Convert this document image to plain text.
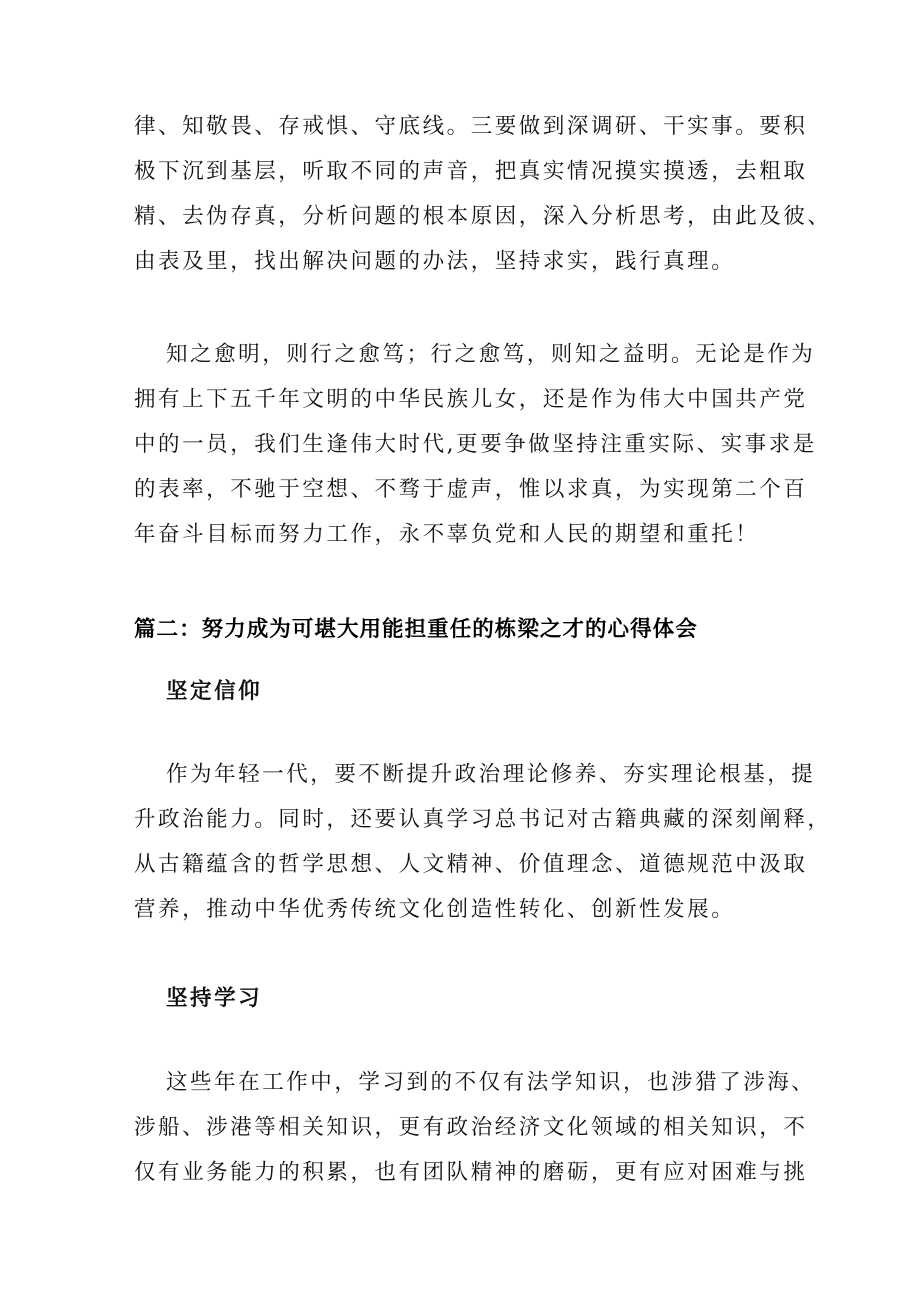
律、知敬畏、存戒惧、守底线。三要做到深调研、干实事。要积

极下沉到基层，听取不同的声音，把真实情况摸实摸透，去粗取

精、去伪存真，分析问题的根本原因，深入分析思考，由此及彼、

由表及里，找出解决问题的办法，坚持求实，践行真理。

知之愈明，则行之愈笃；行之愈笃，则知之益明。无论是作为

拥有上下五千年文明的中华民族儿女，还是作为伟大中国共产党

中的一员，我们生逢伟大时代,更要争做坚持注重实际、实事求是

的表率，不驰于空想、不骛于虚声，惟以求真，为实现第二个百

年奋斗目标而努力工作，永不辜负党和人民的期望和重托！

篇二：努力成为可堪大用能担重任的栋梁之才的心得体会
坚定信仰

作为年轻一代，要不断提升政治理论修养、夯实理论根基，提

升政治能力。同时，还要认真学习总书记对古籍典藏的深刻阐释，

从古籍蕴含的哲学思想、人文精神、价值理念、道德规范中汲取

营养，推动中华优秀传统文化创造性转化、创新性发展。

坚持学习

这些年在工作中，学习到的不仅有法学知识，也涉猎了涉海、

涉船、涉港等相关知识，更有政治经济文化领域的相关知识，不

仅有业务能力的积累，也有团队精神的磨砺，更有应对困难与挑
